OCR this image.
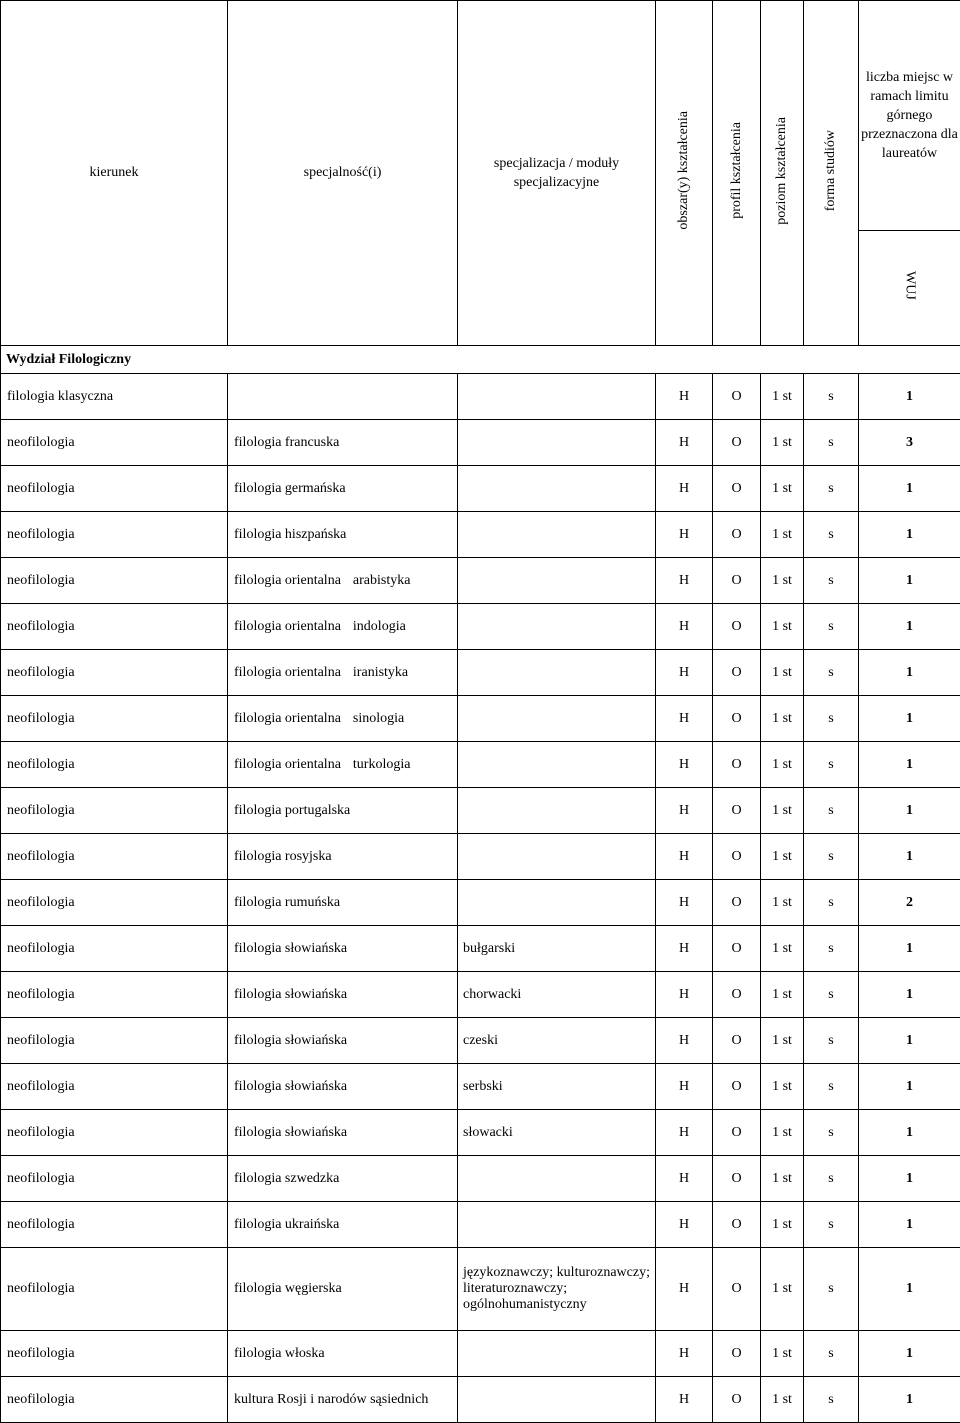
kierunek	specjalność(i)	specjalizacja / moduły specjalizacyjne	obszar(y) kształcenia	profil kształcenia	poziom kształcenia	forma studiów	liczba miejsc w ramach limitu górnego przeznaczona dla laureatów
							WUJ
Wydział Filologiczny							
filologia klasyczna			H	O	1 st	s	1
neofilologia	filologia francuska		H	O	1 st	s	3
neofilologia	filologia germańska		H	O	1 st	s	1
neofilologia	filologia hiszpańska		H	O	1 st	s	1
neofilologia	filologia orientalna arabistyka		H	O	1 st	s	1
neofilologia	filologia orientalna indologia		H	O	1 st	s	1
neofilologia	filologia orientalna iranistyka		H	O	1 st	s	1
neofilologia	filologia orientalna sinologia		H	O	1 st	s	1
neofilologia	filologia orientalna turkologia		H	O	1 st	s	1
neofilologia	filologia portugalska		H	O	1 st	s	1
neofilologia	filologia rosyjska		H	O	1 st	s	1
neofilologia	filologia rumuńska		H	O	1 st	s	2
neofilologia	filologia słowiańska	bułgarski	H	O	1 st	s	1
neofilologia	filologia słowiańska	chorwacki	H	O	1 st	s	1
neofilologia	filologia słowiańska	czeski	H	O	1 st	s	1
neofilologia	filologia słowiańska	serbski	H	O	1 st	s	1
neofilologia	filologia słowiańska	słowacki	H	O	1 st	s	1
neofilologia	filologia szwedzka		H	O	1 st	s	1
neofilologia	filologia ukraińska		H	O	1 st	s	1
neofilologia	filologia węgierska	językoznawczy; kulturoznawczy; literaturoznawczy; ogólnohumanistyczny	H	O	1 st	s	1
neofilologia	filologia włoska		H	O	1 st	s	1
neofilologia	kultura Rosji i narodów sąsiednich		H	O	1 st	s	1
